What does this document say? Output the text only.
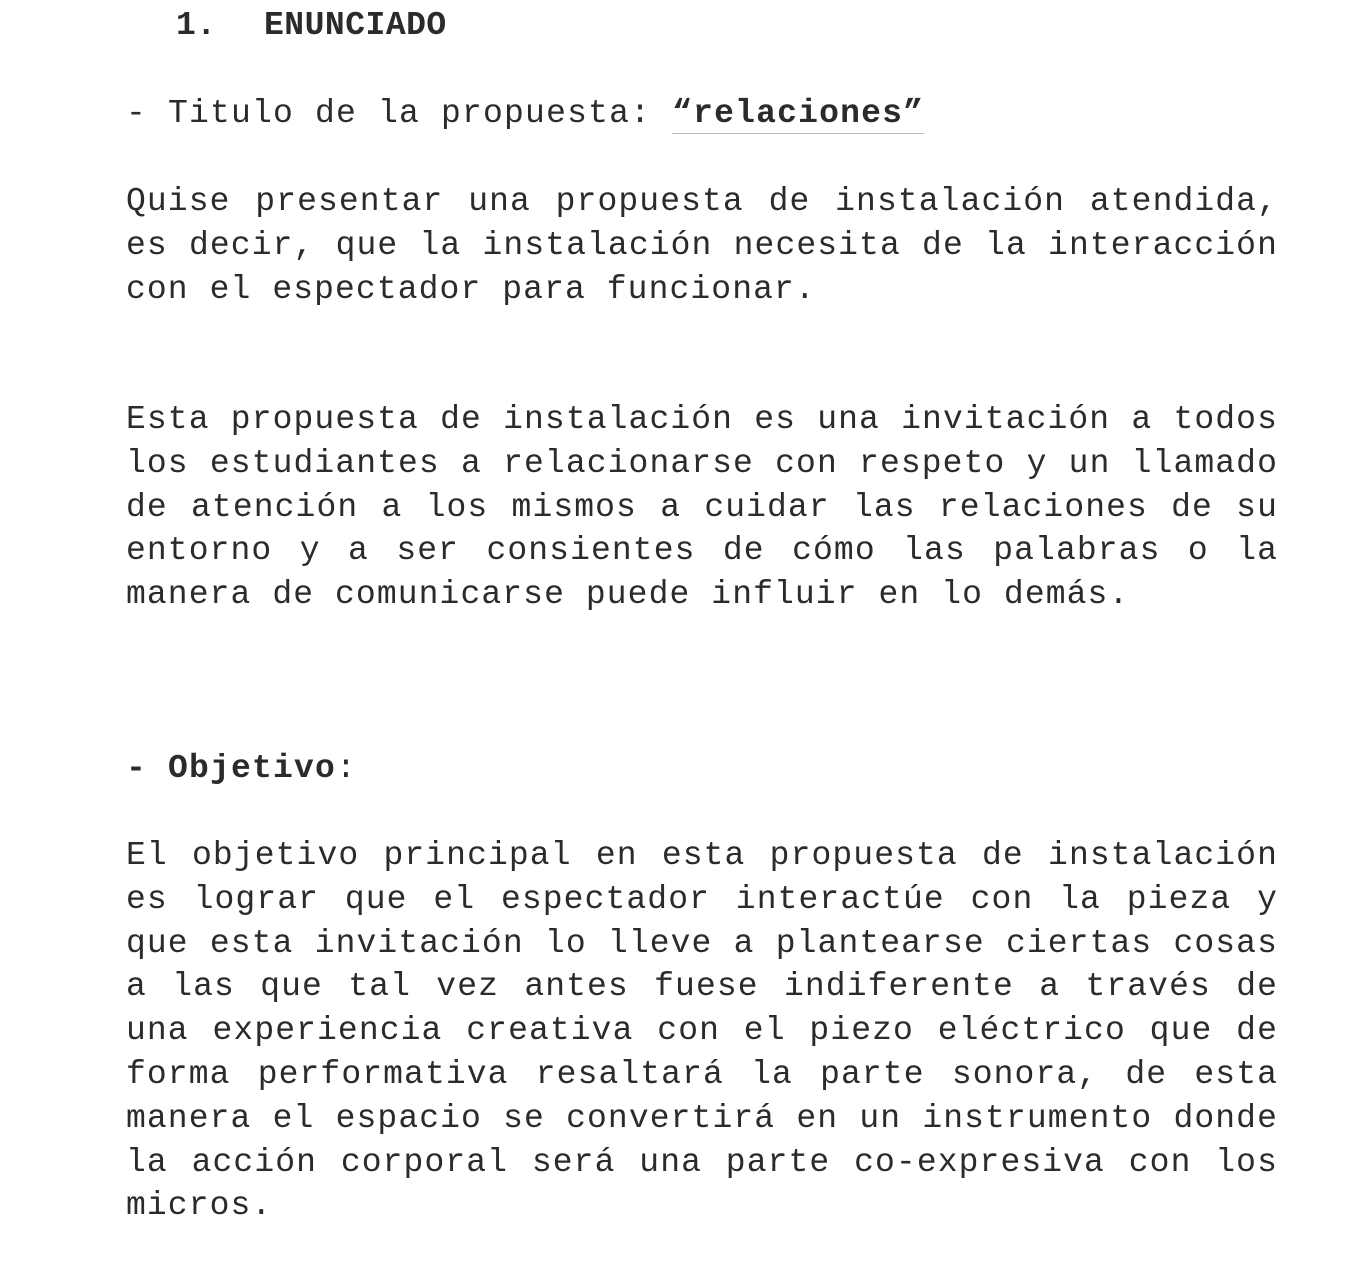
1. ENUNCIADO

- Titulo de la propuesta: “relaciones”

Quise presentar una propuesta de instalación atendida, es decir, que la instalación necesita de la interacción con el espectador para funcionar.

Esta propuesta de instalación es una invitación a todos los estudiantes a relacionarse con respeto y un llamado de atención a los mismos a cuidar las relaciones de su entorno y a ser consientes de cómo las palabras o la manera de comunicarse puede influir en lo demás.

- Objetivo:

El objetivo principal en esta propuesta de instalación es lograr que el espectador interactúe con la pieza y que esta invitación lo lleve a plantearse ciertas cosas a las que tal vez antes fuese indiferente a través de una experiencia creativa con el piezo eléctrico que de forma performativa resaltará la parte sonora, de esta manera el espacio se convertirá en un instrumento donde la acción corporal será una parte co-expresiva con los micros.
